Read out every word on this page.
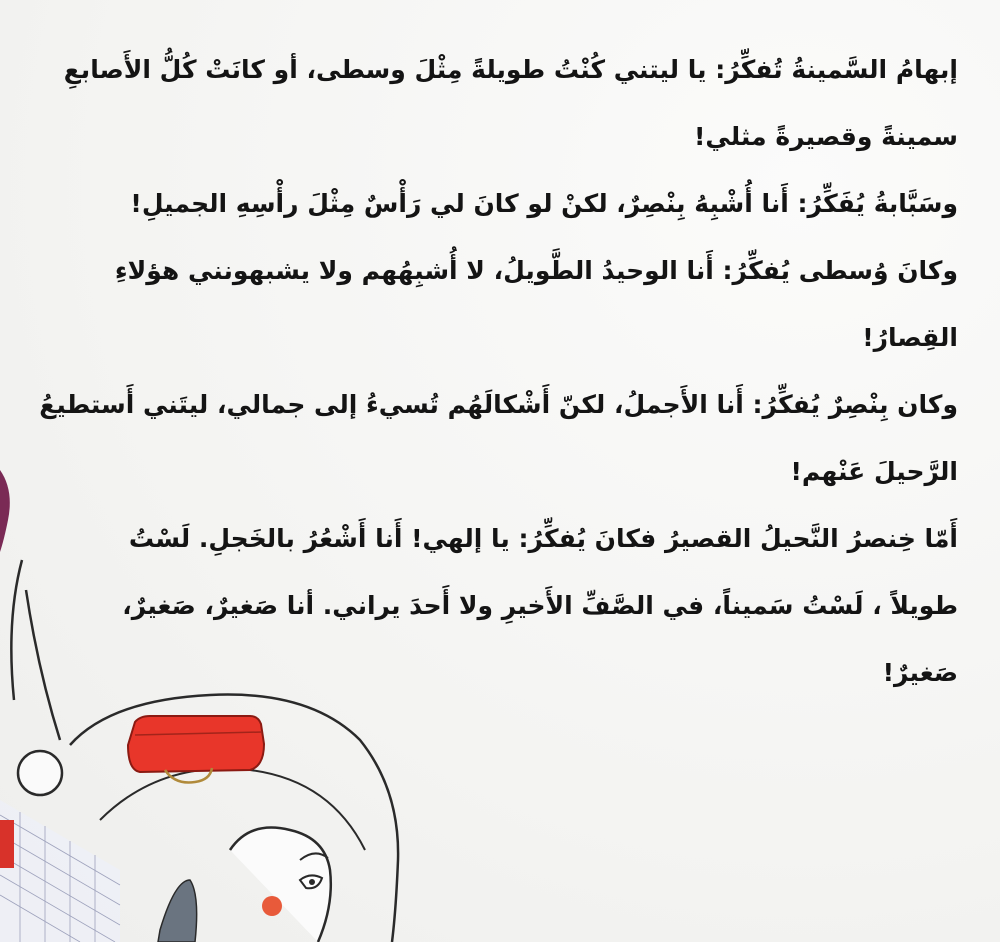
إبهامُ السَّمينةُ تُفكِّرُ: يا ليتني كُنْتُ طويلةً مِثْلَ وسطى، أو كانَتْ كُلُّ الأَصابعِ
سمينةً وقصيرةً مثلي!
وسَبَّابةُ يُفَكِّرُ: أَنا أُشْبِهُ بِنْصِرٌ، لكنْ لو كانَ لي رَأْسٌ مِثْلَ رأْسِهِ الجميلِ!
وكانَ وُسطى يُفكِّرُ: أَنا الوحيدُ الطَّويلُ، لا أُشبِهُهم ولا يشبهونني هؤلاءِ
القِصارُ!
وكان بِنْصِرٌ يُفكِّرُ: أَنا الأَجملُ، لكنّ أَشْكالَهُم تُسيءُ إلى جمالي، ليتَني أَستطيعُ
الرَّحيلَ عَنْهم!
أَمّا خِنصرُ النَّحيلُ القصيرُ فكانَ يُفكِّرُ: يا إلهي! أَنا أَشْعُرُ بالخَجلِ. لَسْتُ
طويلاً ، لَسْتُ سَميناً، في الصَّفِّ الأَخيرِ ولا أَحدَ يراني. أنا صَغيرٌ، صَغيرٌ،
صَغيرٌ!
